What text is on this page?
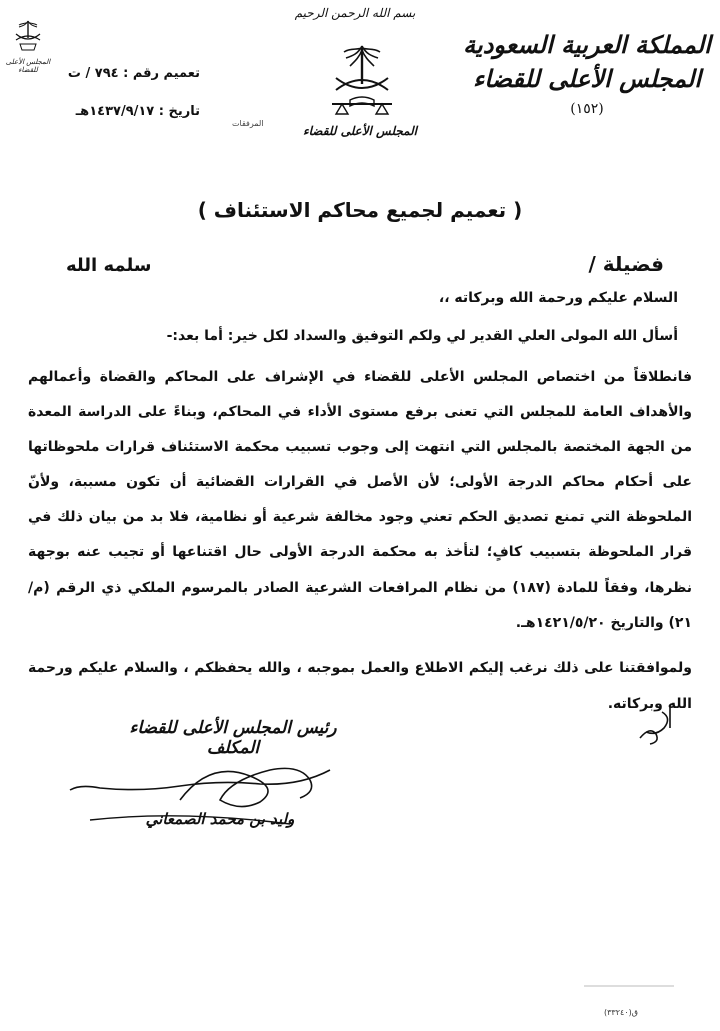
بسم الله الرحمن الرحيم
المملكة العربية السعودية
المجلس الأعلى للقضاء
(١٥٢)
المجلس الأعلى للقضاء
المجلس الأعلى للقضاء	تعميم رقم : ٧٩٤ / ت
تاريخ : ١٤٣٧/٩/١٧هـ
المرفقات
( تعميم لجميع محاكم الاستئناف )
فضيلة /
سلمه الله
السلام عليكم ورحمة الله وبركاته ،،
أسأل الله المولى العلي القدير لي ولكم التوفيق والسداد لكل خير: أما بعد:-
فانطلاقاً من اختصاص المجلس الأعلى للقضاء في الإشراف على المحاكم والقضاة وأعمالهم والأهداف العامة للمجلس التي تعنى برفع مستوى الأداء في المحاكم، وبناءً على الدراسة المعدة من الجهة المختصة بالمجلس التي انتهت إلى وجوب تسبيب محكمة الاستئناف قرارات ملحوظاتها على أحكام محاكم الدرجة الأولى؛ لأن الأصل في القرارات القضائية أن تكون مسببة، ولأنّ الملحوظة التي تمنع تصديق الحكم تعني وجود مخالفة شرعية أو نظامية، فلا بد من بيان ذلك في قرار الملحوظة بتسبيب كافٍ؛ لتأخذ به محكمة الدرجة الأولى حال اقتناعها أو تجيب عنه بوجهة نظرها، وفقاً للمادة (١٨٧) من نظام المرافعات الشرعية الصادر بالمرسوم الملكي ذي الرقم (م/٢١) والتاريخ ١٤٢١/٥/٢٠هـ.
ولموافقتنا على ذلك نرغب إليكم الاطلاع والعمل بموجبه ، والله يحفظكم ، والسلام عليكم ورحمة الله وبركاته.
رئيس المجلس الأعلى للقضاء المكلف
وليد بن محمد الصمعاني
ق(٣٣٢٤٠)
